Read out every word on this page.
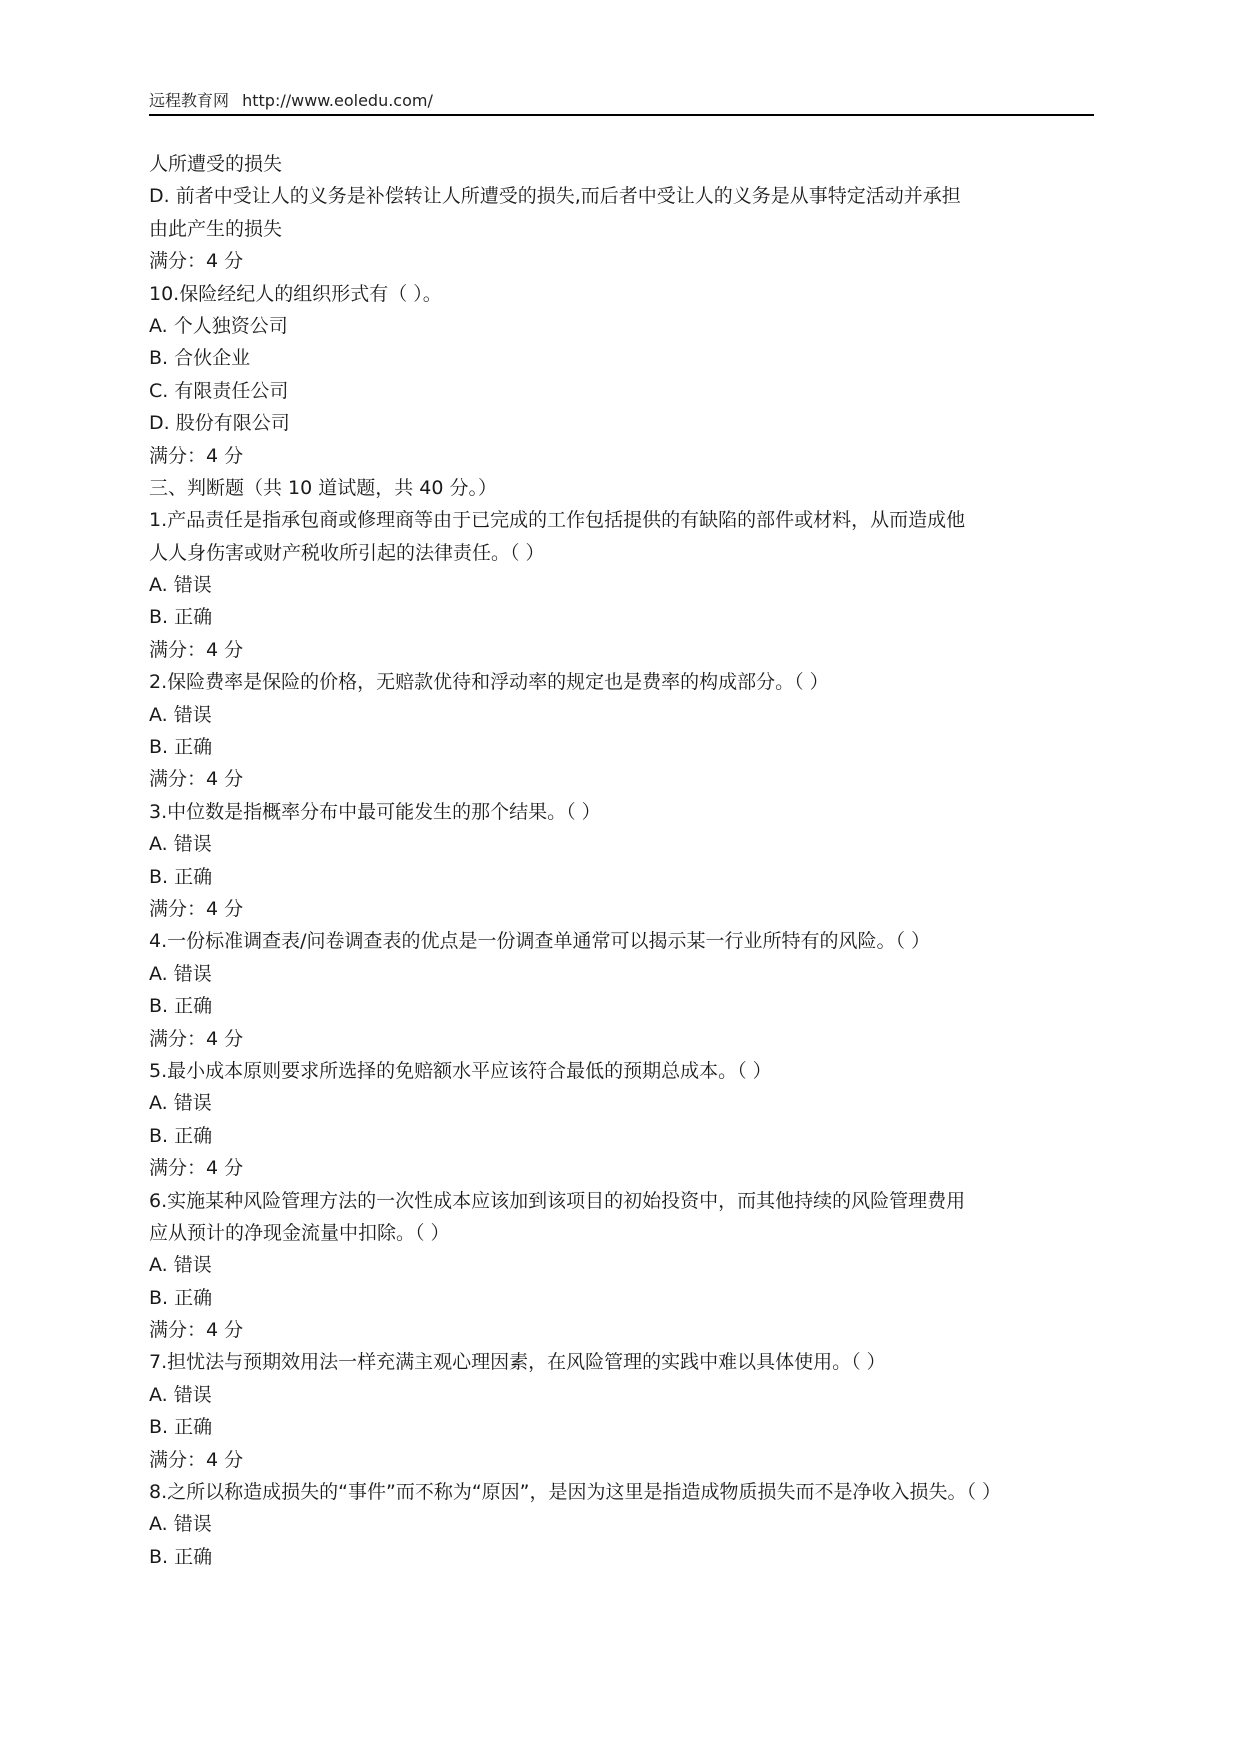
远程教育网 http://www.eoledu.com/
人所遭受的损失
D. 前者中受让人的义务是补偿转让人所遭受的损失,而后者中受让人的义务是从事特定活动并承担
由此产生的损失
满分：4 分
10.保险经纪人的组织形式有（ ）。
A. 个人独资公司
B. 合伙企业
C. 有限责任公司
D. 股份有限公司
满分：4 分
三、判断题（共 10 道试题，共 40 分。）
1.产品责任是指承包商或修理商等由于已完成的工作包括提供的有缺陷的部件或材料，从而造成他
人人身伤害或财产税收所引起的法律责任。（ ）
A. 错误
B. 正确
满分：4 分
2.保险费率是保险的价格，无赔款优待和浮动率的规定也是费率的构成部分。（ ）
A. 错误
B. 正确
满分：4 分
3.中位数是指概率分布中最可能发生的那个结果。（ ）
A. 错误
B. 正确
满分：4 分
4.一份标准调查表/问卷调查表的优点是一份调查单通常可以揭示某一行业所特有的风险。（ ）
A. 错误
B. 正确
满分：4 分
5.最小成本原则要求所选择的免赔额水平应该符合最低的预期总成本。（ ）
A. 错误
B. 正确
满分：4 分
6.实施某种风险管理方法的一次性成本应该加到该项目的初始投资中，而其他持续的风险管理费用
应从预计的净现金流量中扣除。（ ）
A. 错误
B. 正确
满分：4 分
7.担忧法与预期效用法一样充满主观心理因素，在风险管理的实践中难以具体使用。（ ）
A. 错误
B. 正确
满分：4 分
8.之所以称造成损失的“事件”而不称为“原因”，是因为这里是指造成物质损失而不是净收入损失。（ ）
A. 错误
B. 正确
